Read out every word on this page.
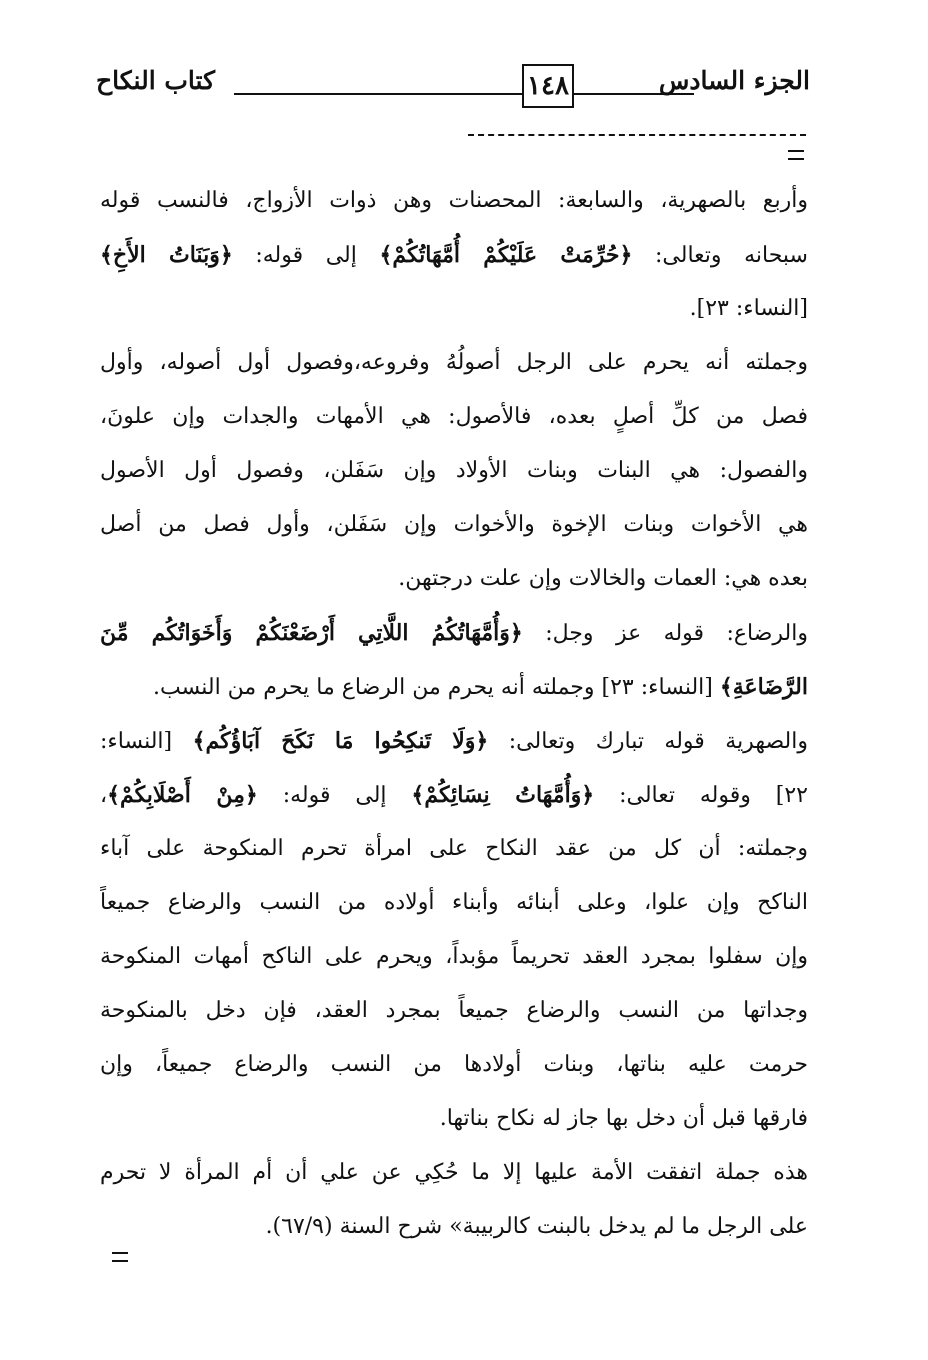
الجزء السادس
١٤٨
كتاب النكاح
وأربع بالصهرية، والسابعة: المحصنات وهن ذوات الأزواج، فالنسب قوله
سبحانه وتعالى: ﴿حُرِّمَتْ عَلَيْكُمْ أُمَّهَاتُكُمْ﴾ إلى قوله: ﴿وَبَنَاتُ الأَخِ﴾
[النساء: ٢٣].
وجملته أنه يحرم على الرجل أصولُهُ وفروعه،وفصول أول أصوله، وأول
فصل من كلِّ أصلٍ بعده، فالأصول: هي الأمهات والجدات وإن علونَ،
والفصول: هي البنات وبنات الأولاد وإن سَفَلن، وفصول أول الأصول
هي الأخوات وبنات الإخوة والأخوات وإن سَفَلن، وأول فصل من أصل
بعده هي: العمات والخالات وإن علت درجتهن.
والرضاع: قوله عز وجل: ﴿وَأُمَّهَاتُكُمُ اللَّاتِي أَرْضَعْنَكُمْ وَأَخَوَاتُكُم مِّنَ
الرَّضَاعَةِ﴾ [النساء: ٢٣] وجملته أنه يحرم من الرضاع ما يحرم من النسب.
والصهرية قوله تبارك وتعالى: ﴿وَلَا تَنكِحُوا مَا نَكَحَ آبَاؤُكُم﴾ [النساء:
٢٢] وقوله تعالى: ﴿وَأُمَّهَاتُ نِسَائِكُمْ﴾ إلى قوله: ﴿مِنْ أَصْلَابِكُمْ﴾،
وجملته: أن كل من عقد النكاح على امرأة تحرم المنكوحة على آباء
الناكح وإن علوا، وعلى أبنائه وأبناء أولاده من النسب والرضاع جميعاً
وإن سفلوا بمجرد العقد تحريماً مؤبداً، ويحرم على الناكح أمهات المنكوحة
وجداتها من النسب والرضاع جميعاً بمجرد العقد، فإن دخل بالمنكوحة
حرمت عليه بناتها، وبنات أولادها من النسب والرضاع جميعاً، وإن
فارقها قبل أن دخل بها جاز له نكاح بناتها.
هذه جملة اتفقت الأمة عليها إلا ما حُكِي عن علي أن أم المرأة لا تحرم
على الرجل ما لم يدخل بالبنت كالربيبة» شرح السنة (٦٧/٩).
